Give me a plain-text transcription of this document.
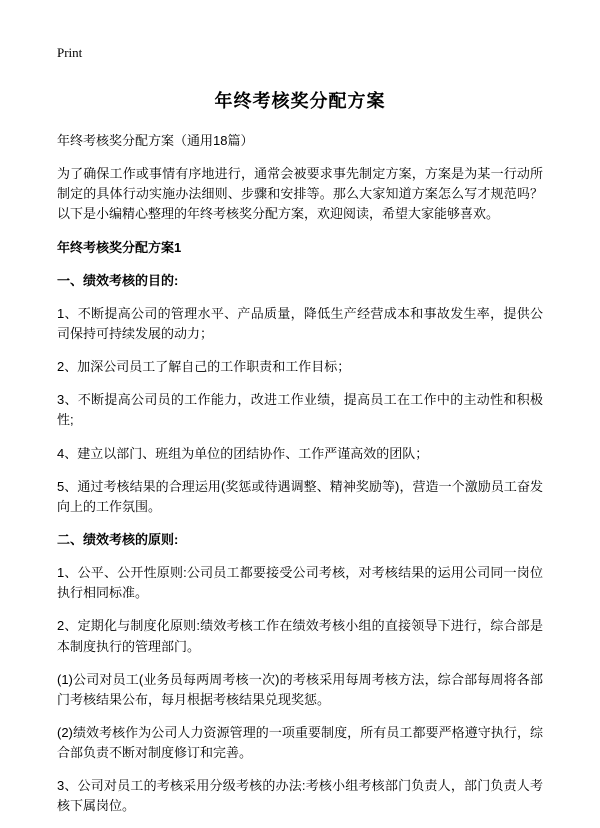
Print
年终考核奖分配方案

年终考核奖分配方案（通用18篇）

为了确保工作或事情有序地进行，通常会被要求事先制定方案，方案是为某一行动所制定的具体行动实施办法细则、步骤和安排等。那么大家知道方案怎么写才规范吗？以下是小编精心整理的年终考核奖分配方案，欢迎阅读，希望大家能够喜欢。

年终考核奖分配方案1

一、绩效考核的目的:

1、不断提高公司的管理水平、产品质量，降低生产经营成本和事故发生率，提供公司保持可持续发展的动力；

2、加深公司员工了解自己的工作职责和工作目标；

3、不断提高公司员的工作能力，改进工作业绩，提高员工在工作中的主动性和积极性;

4、建立以部门、班组为单位的团结协作、工作严谨高效的团队；

5、通过考核结果的合理运用(奖惩或待遇调整、精神奖励等)，营造一个激励员工奋发向上的工作氛围。

二、绩效考核的原则:

1、公平、公开性原则:公司员工都要接受公司考核，对考核结果的运用公司同一岗位执行相同标准。

2、定期化与制度化原则:绩效考核工作在绩效考核小组的直接领导下进行，综合部是本制度执行的管理部门。

(1)公司对员工(业务员每两周考核一次)的考核采用每周考核方法，综合部每周将各部门考核结果公布，每月根据考核结果兑现奖惩。

(2)绩效考核作为公司人力资源管理的一项重要制度，所有员工都要严格遵守执行，综合部负责不断对制度修订和完善。

3、公司对员工的考核采用分级考核的办法:考核小组考核部门负责人，部门负责人考核下属岗位。
